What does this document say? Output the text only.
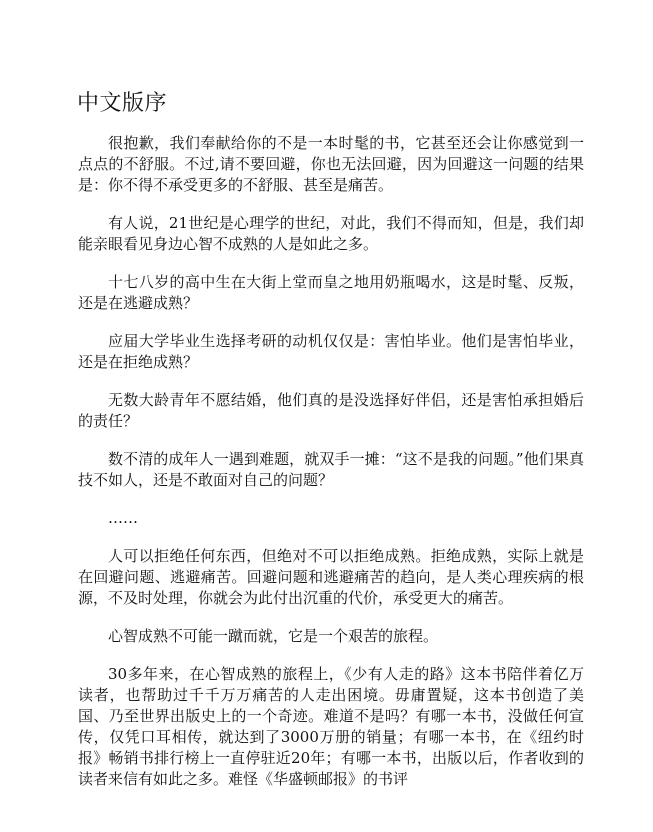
中文版序

很抱歉，我们奉献给你的不是一本时髦的书，它甚至还会让你感觉到一点点的不舒服。不过,请不要回避，你也无法回避，因为回避这一问题的结果是：你不得不承受更多的不舒服、甚至是痛苦。

有人说，21世纪是心理学的世纪，对此，我们不得而知，但是，我们却能亲眼看见身边心智不成熟的人是如此之多。

十七八岁的高中生在大街上堂而皇之地用奶瓶喝水，这是时髦、反叛，还是在逃避成熟？

应届大学毕业生选择考研的动机仅仅是：害怕毕业。他们是害怕毕业，还是在拒绝成熟？

无数大龄青年不愿结婚，他们真的是没选择好伴侣，还是害怕承担婚后的责任？

数不清的成年人一遇到难题，就双手一摊：“这不是我的问题。”他们果真技不如人，还是不敢面对自己的问题？

……

人可以拒绝任何东西，但绝对不可以拒绝成熟。拒绝成熟，实际上就是在回避问题、逃避痛苦。回避问题和逃避痛苦的趋向，是人类心理疾病的根源，不及时处理，你就会为此付出沉重的代价，承受更大的痛苦。

心智成熟不可能一蹴而就，它是一个艰苦的旅程。

30多年来，在心智成熟的旅程上，《少有人走的路》这本书陪伴着亿万读者，也帮助过千千万万痛苦的人走出困境。毋庸置疑，这本书创造了美国、乃至世界出版史上的一个奇迹。难道不是吗？有哪一本书，没做任何宣传，仅凭口耳相传，就达到了3000万册的销量；有哪一本书，在《纽约时报》畅销书排行榜上一直停驻近20年；有哪一本书，出版以后，作者收到的读者来信有如此之多。难怪《华盛顿邮报》的书评
